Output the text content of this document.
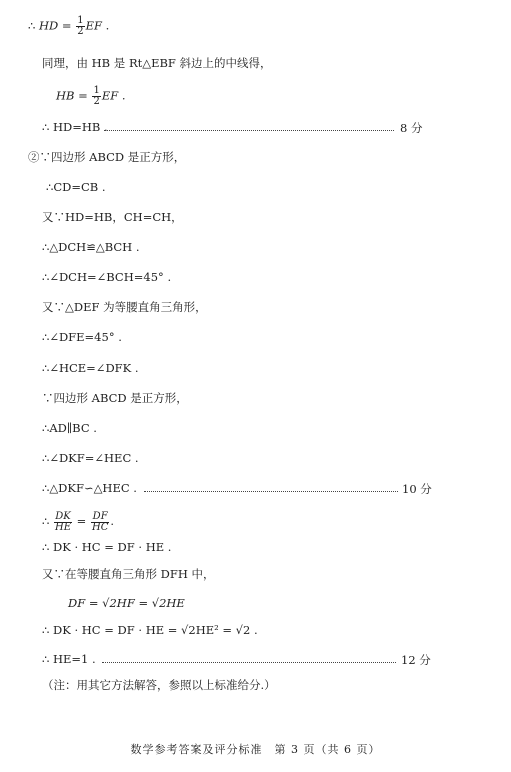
∴ HD = $\frac{1}{2}$ EF .
同理，由 HB 是 Rt△EBF 斜边上的中线得，
HB = $\frac{1}{2}$ EF .
∴ HD=HB .	8 分
②∵四边形 ABCD 是正方形，
∴CD=CB .
又∵HD=HB，CH=CH，
∴△DCH≌△BCH .
∴∠DCH=∠BCH=45° .
又∵△DEF 为等腰直角三角形，
∴∠DFE=45° .
∴∠HCE=∠DFK .
∵四边形 ABCD 是正方形，
∴AD∥BC .
∴∠DKF=∠HEC .
∴△DKF∽△HEC .	10 分
∴ $\frac{DK}{HE} = \frac{DF}{HC}$ .
∴ DK · HC = DF · HE .
又∵在等腰直角三角形 DFH 中，
DF = √2HF = √2HE
∴ DK · HC = DF · HE = √2HE² = √2 .
∴ HE=1 .	12 分
（注：用其它方法解答，参照以上标准给分.）
数学参考答案及评分标准　第 3 页（共 6 页）
